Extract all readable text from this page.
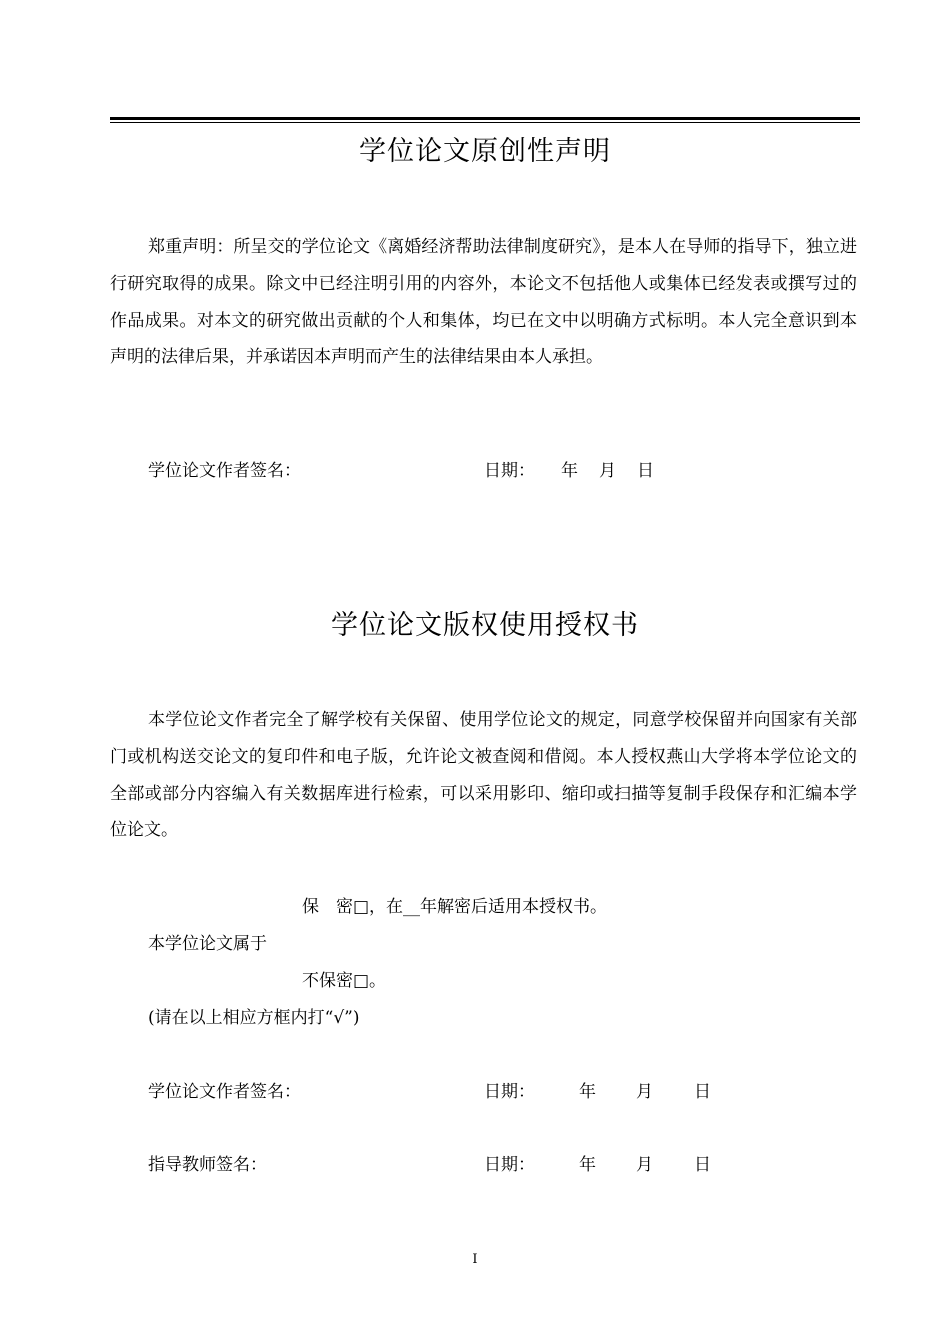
学位论文原创性声明

郑重声明：所呈交的学位论文《离婚经济帮助法律制度研究》，是本人在导师的指导下，独立进行研究取得的成果。除文中已经注明引用的内容外，本论文不包括他人或集体已经发表或撰写过的作品成果。对本文的研究做出贡献的个人和集体，均已在文中以明确方式标明。本人完全意识到本声明的法律后果，并承诺因本声明而产生的法律结果由本人承担。

学位论文作者签名：	日期： 年 月 日
学位论文版权使用授权书

本学位论文作者完全了解学校有关保留、使用学位论文的规定，同意学校保留并向国家有关部门或机构送交论文的复印件和电子版，允许论文被查阅和借阅。本人授权燕山大学将本学位论文的全部或部分内容编入有关数据库进行检索，可以采用影印、缩印或扫描等复制手段保存和汇编本学位论文。

保　密□，在__年解密后适用本授权书。
本学位论文属于
不保密□。
(请在以上相应方框内打“√”)
学位论文作者签名：	日期：	年 月 日
指导教师签名：	日期：	年 月 日
I
